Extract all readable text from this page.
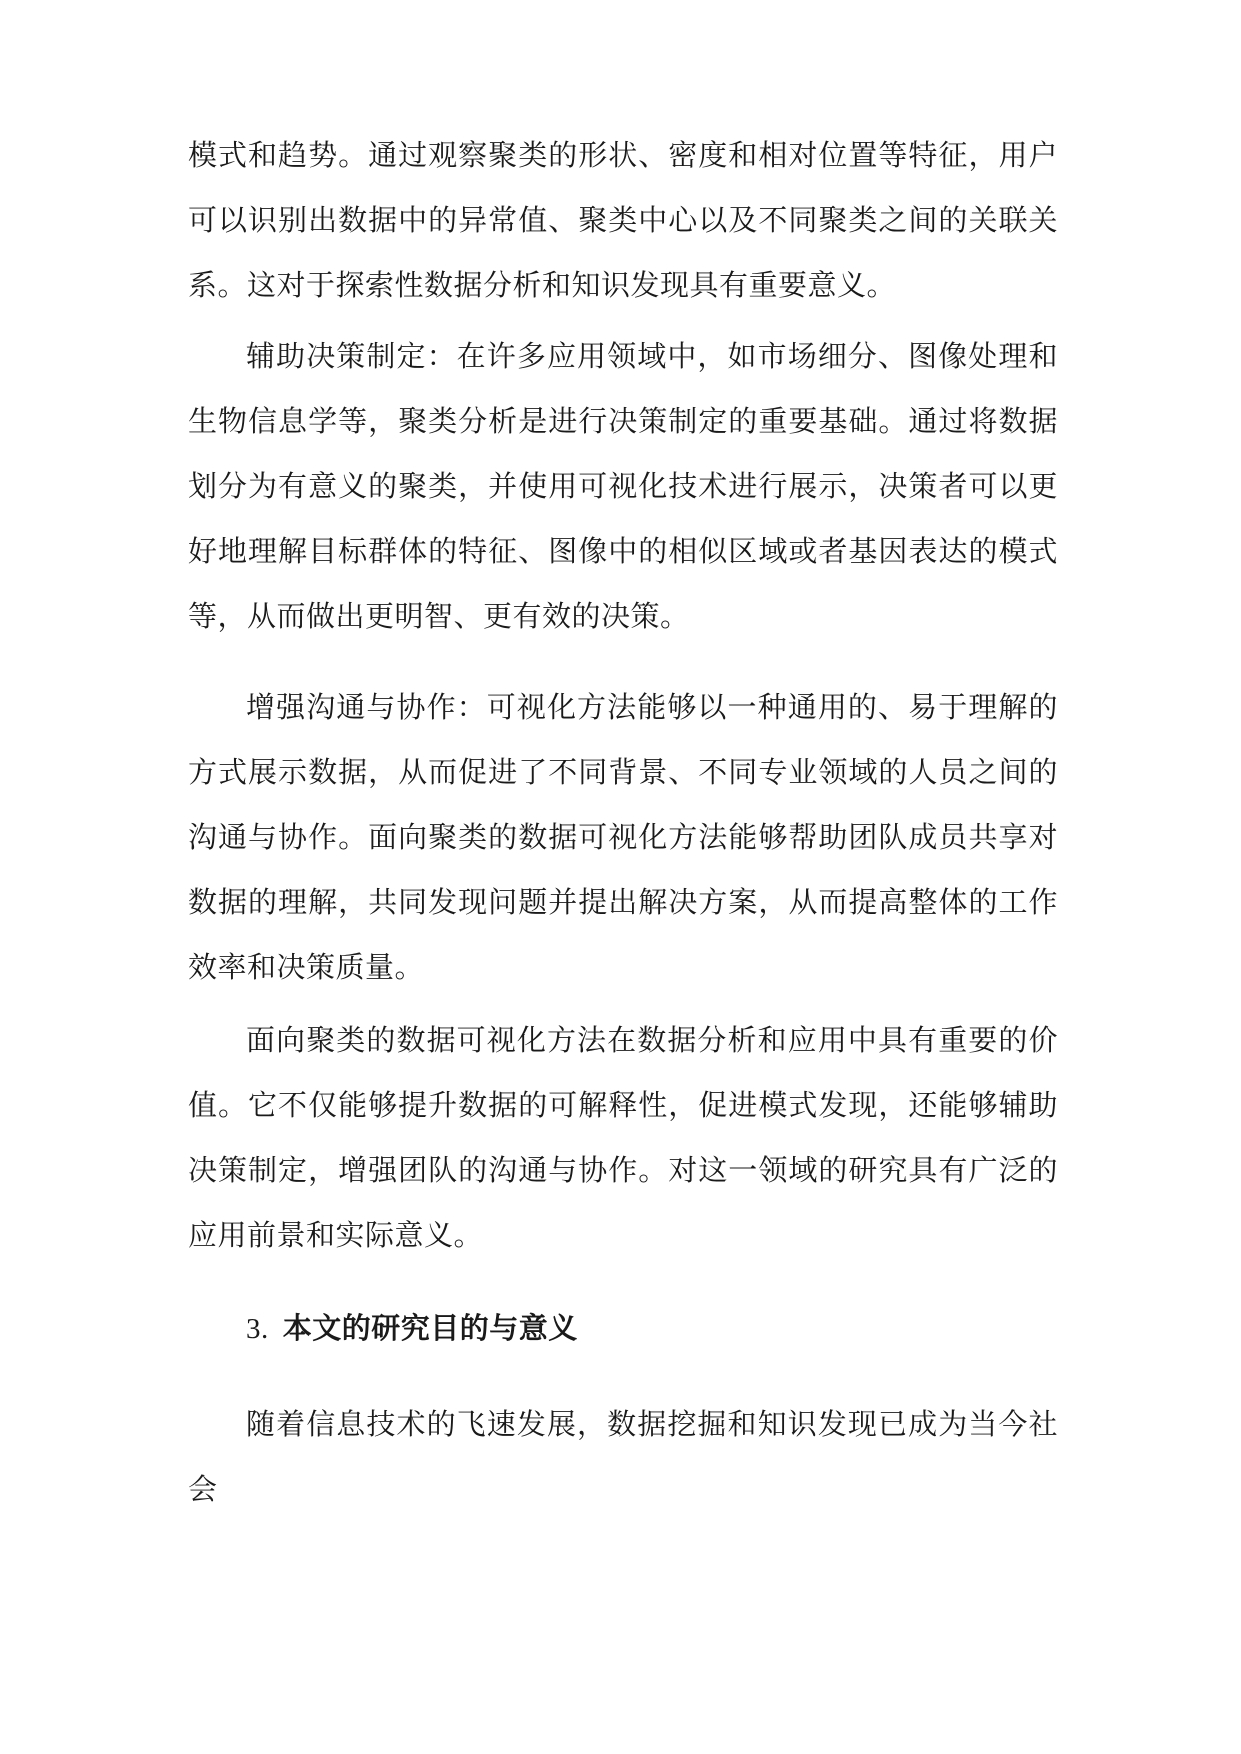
模式和趋势。通过观察聚类的形状、密度和相对位置等特征，用户可以识别出数据中的异常值、聚类中心以及不同聚类之间的关联关系。这对于探索性数据分析和知识发现具有重要意义。

辅助决策制定：在许多应用领域中，如市场细分、图像处理和生物信息学等，聚类分析是进行决策制定的重要基础。通过将数据划分为有意义的聚类，并使用可视化技术进行展示，决策者可以更好地理解目标群体的特征、图像中的相似区域或者基因表达的模式等，从而做出更明智、更有效的决策。

增强沟通与协作：可视化方法能够以一种通用的、易于理解的方式展示数据，从而促进了不同背景、不同专业领域的人员之间的沟通与协作。面向聚类的数据可视化方法能够帮助团队成员共享对数据的理解，共同发现问题并提出解决方案，从而提高整体的工作效率和决策质量。

面向聚类的数据可视化方法在数据分析和应用中具有重要的价值。它不仅能够提升数据的可解释性，促进模式发现，还能够辅助决策制定，增强团队的沟通与协作。对这一领域的研究具有广泛的应用前景和实际意义。

3. 本文的研究目的与意义

随着信息技术的飞速发展，数据挖掘和知识发现已成为当今社会
